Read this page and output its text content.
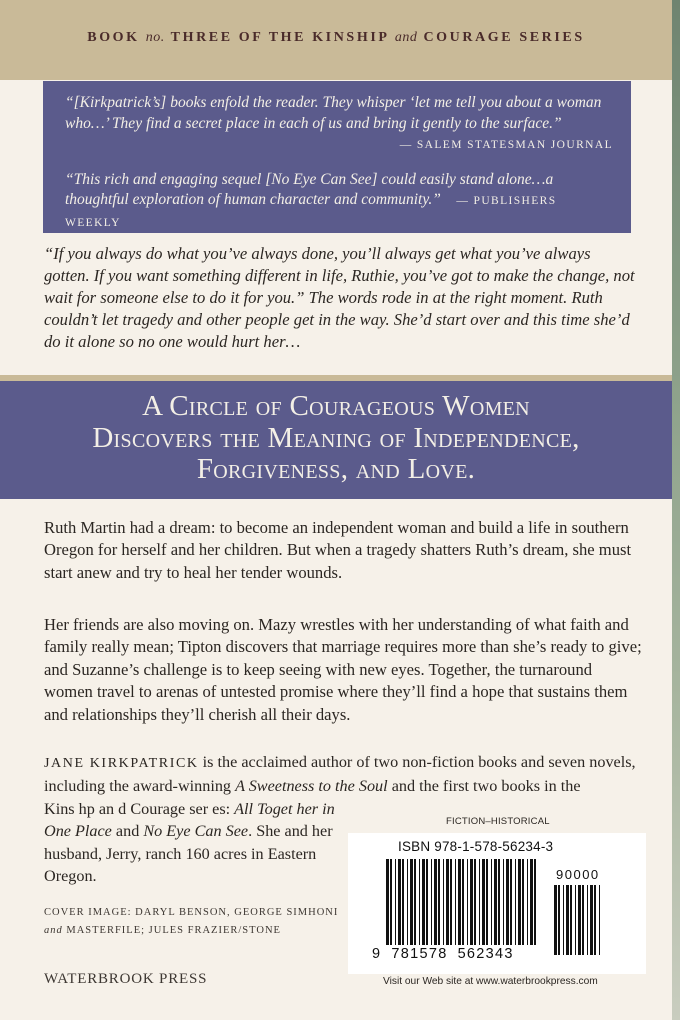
BOOK no. THREE OF THE KINSHIP and COURAGE SERIES

“[Kirkpatrick’s] books enfold the reader. They whisper ‘let me tell you about a woman who…’ They find a secret place in each of us and bring it gently to the surface.”

— SALEM STATESMAN JOURNAL

“This rich and engaging sequel [No Eye Can See] could easily stand alone…a thoughtful exploration of human character and community.” — PUBLISHERS WEEKLY

“If you always do what you’ve always done, you’ll always get what you’ve always gotten. If you want something different in life, Ruthie, you’ve got to make the change, not wait for someone else to do it for you.” The words rode in at the right moment. Ruth couldn’t let tragedy and other people get in the way. She’d start over and this time she’d do it alone so no one would hurt her…

A Circle of Courageous Women
Discovers the Meaning of Independence,
Forgiveness, and Love.

Ruth Martin had a dream: to become an independent woman and build a life in southern Oregon for herself and her children. But when a tragedy shatters Ruth’s dream, she must start anew and try to heal her tender wounds.

Her friends are also moving on. Mazy wrestles with her understanding of what faith and family really mean; Tipton discovers that marriage requires more than she’s ready to give; and Suzanne’s challenge is to keep seeing with new eyes. Together, the turnaround women travel to arenas of untested promise where they’ll find a hope that sustains them and relationships they’ll cherish all their days.

JANE KIRKPATRICK is the acclaimed author of two non-fiction books and seven novels, including the award-winning A Sweetness to the Soul and the first two books in the
Kins hp an d Courage ser es: All Toget her in One Place and No Eye Can See. She and her husband, Jerry, ranch 160 acres in Eastern Oregon.
COVER IMAGE: DARYL BENSON, GEORGE SIMHONI
and MASTERFILE; JULES FRAZIER/STONE
WATERBROOK PRESS
FICTION–HISTORICAL
ISBN 978-1-578-56234-3
90000
9 781578 562343
Visit our Web site at www.waterbrookpress.com
